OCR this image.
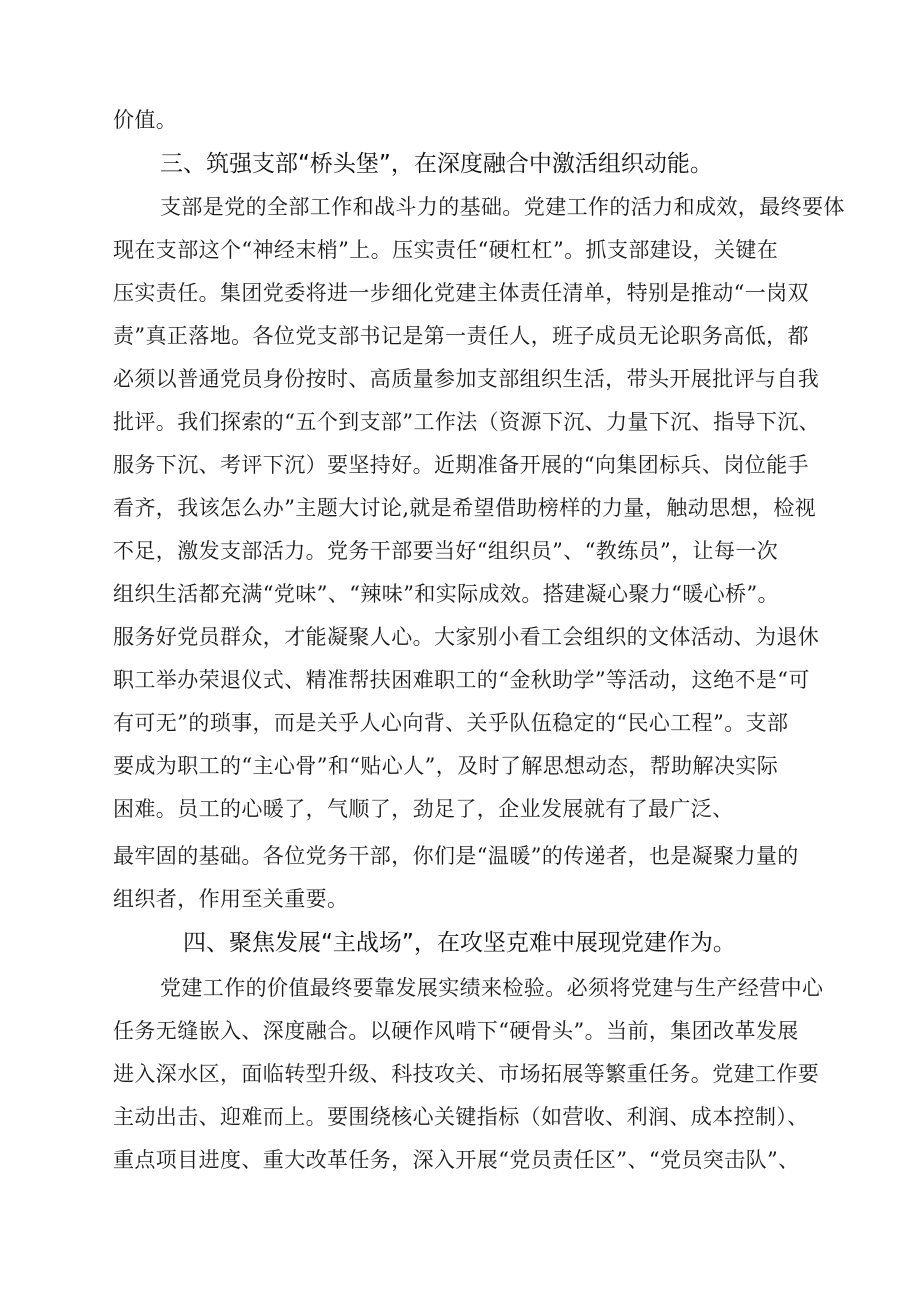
价值。
三、筑强支部“桥头堡”，在深度融合中激活组织动能。
支部是党的全部工作和战斗力的基础。党建工作的活力和成效，最终要体
现在支部这个“神经末梢”上。压实责任“硬杠杠”。抓支部建设，关键在
压实责任。集团党委将进一步细化党建主体责任清单，特别是推动“一岗双
责”真正落地。各位党支部书记是第一责任人，班子成员无论职务高低，都
必须以普通党员身份按时、高质量参加支部组织生活，带头开展批评与自我
批评。我们探索的“五个到支部”工作法（资源下沉、力量下沉、指导下沉、
服务下沉、考评下沉）要坚持好。近期准备开展的“向集团标兵、岗位能手
看齐，我该怎么办”主题大讨论,就是希望借助榜样的力量，触动思想，检视
不足，激发支部活力。党务干部要当好“组织员”、“教练员”，让每一次
组织生活都充满“党味”、“辣味”和实际成效。搭建凝心聚力“暖心桥”。
服务好党员群众，才能凝聚人心。大家别小看工会组织的文体活动、为退休
职工举办荣退仪式、精准帮扶困难职工的“金秋助学”等活动，这绝不是“可
有可无”的琐事，而是关乎人心向背、关乎队伍稳定的“民心工程”。支部
要成为职工的“主心骨”和“贴心人”，及时了解思想动态，帮助解决实际
困难。员工的心暖了，气顺了，劲足了，企业发展就有了最广泛、
最牢固的基础。各位党务干部，你们是“温暖”的传递者，也是凝聚力量的
组织者，作用至关重要。
四、聚焦发展“主战场”，在攻坚克难中展现党建作为。
党建工作的价值最终要靠发展实绩来检验。必须将党建与生产经营中心
任务无缝嵌入、深度融合。以硬作风啃下“硬骨头”。当前，集团改革发展
进入深水区，面临转型升级、科技攻关、市场拓展等繁重任务。党建工作要
主动出击、迎难而上。要围绕核心关键指标（如营收、利润、成本控制）、
重点项目进度、重大改革任务，深入开展“党员责任区”、“党员突击队”、
